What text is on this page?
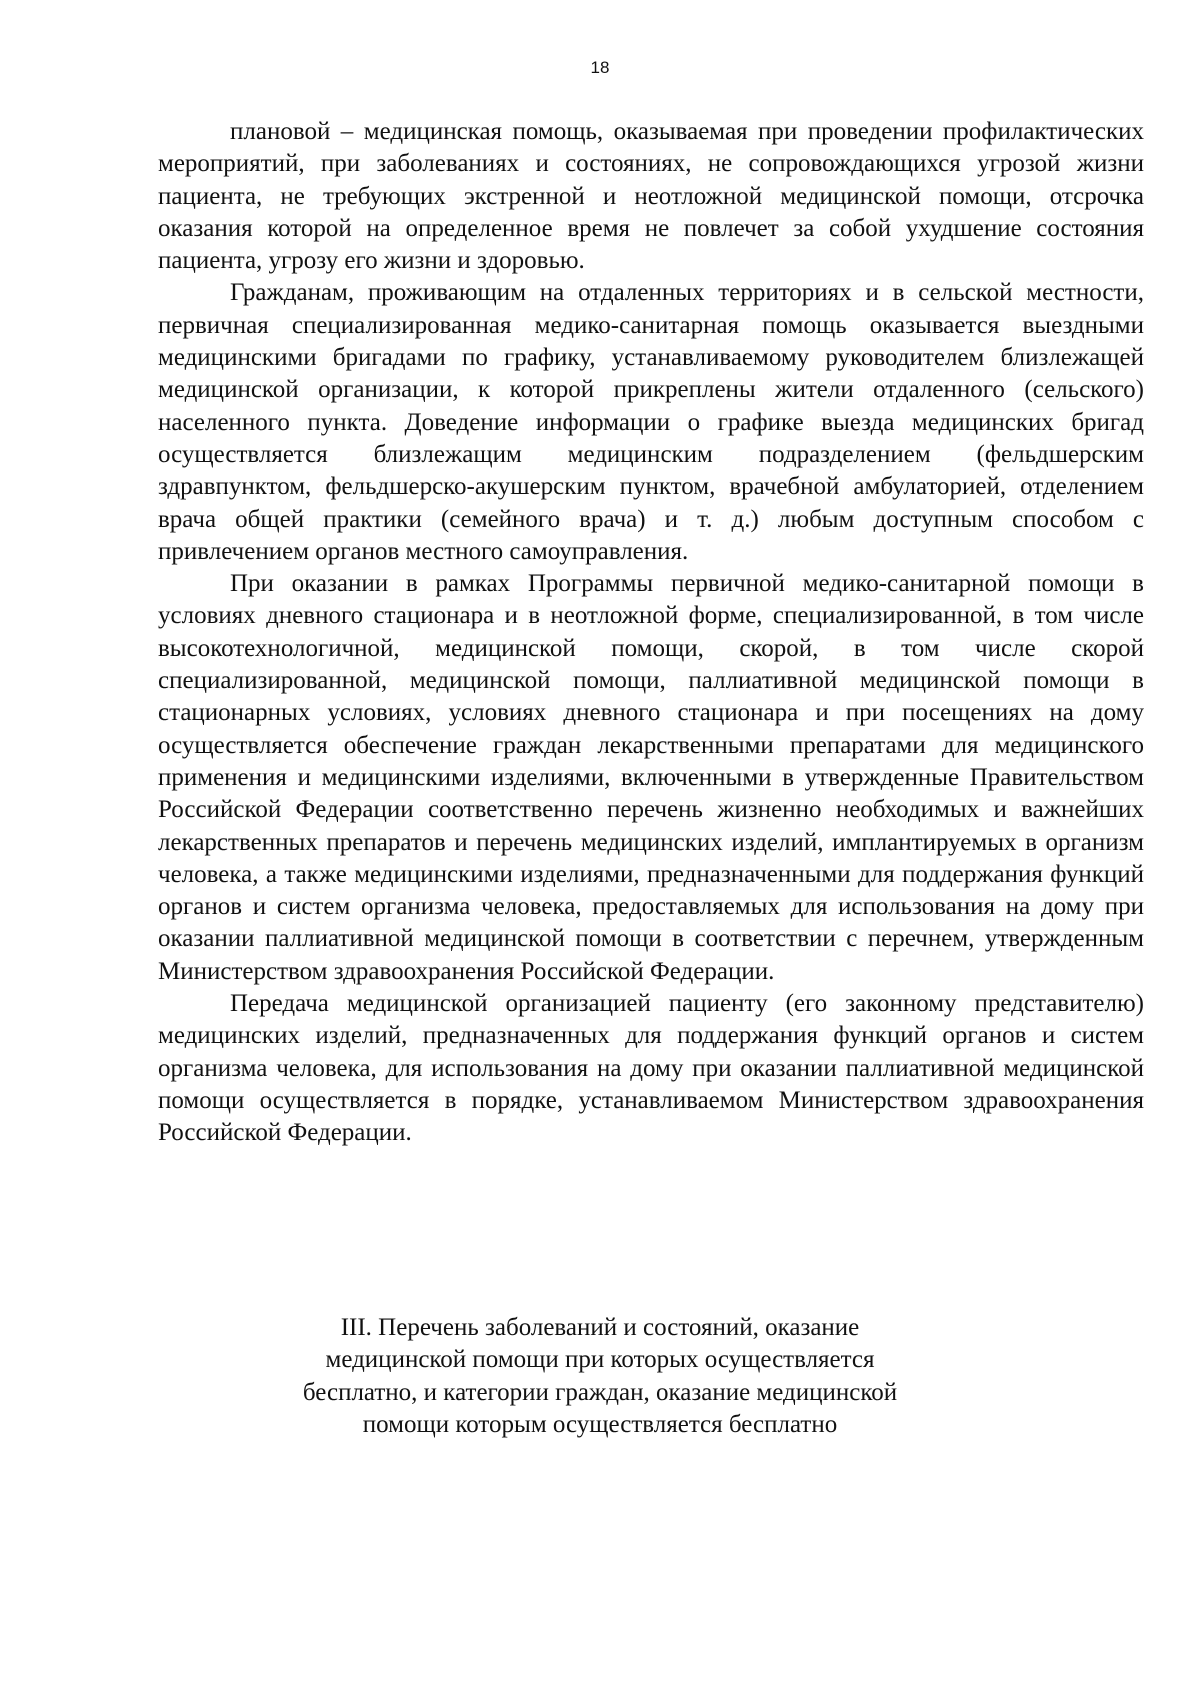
18

плановой – медицинская помощь, оказываемая при проведении профилактических мероприятий, при заболеваниях и состояниях, не сопровождающихся угрозой жизни пациента, не требующих экстренной и неотложной медицинской помощи, отсрочка оказания которой на определенное время не повлечет за собой ухудшение состояния пациента, угрозу его жизни и здоровью.

Гражданам, проживающим на отдаленных территориях и в сельской местности, первичная специализированная медико-санитарная помощь оказывается выездными медицинскими бригадами по графику, устанавливаемому руководителем близлежащей медицинской организации, к которой прикреплены жители отдаленного (сельского) населенного пункта. Доведение информации о графике выезда медицинских бригад осуществляется близлежащим медицинским подразделением (фельдшерским здравпунктом, фельдшерско-акушерским пунктом, врачебной амбулаторией, отделением врача общей практики (семейного врача) и т. д.) любым доступным способом с привлечением органов местного самоуправления.

При оказании в рамках Программы первичной медико-санитарной помощи в условиях дневного стационара и в неотложной форме, специализированной, в том числе высокотехнологичной, медицинской помощи, скорой, в том числе скорой специализированной, медицинской помощи, паллиативной медицинской помощи в стационарных условиях, условиях дневного стационара и при посещениях на дому осуществляется обеспечение граждан лекарственными препаратами для медицинского применения и медицинскими изделиями, включенными в утвержденные Правительством Российской Федерации соответственно перечень жизненно необходимых и важнейших лекарственных препаратов и перечень медицинских изделий, имплантируемых в организм человека, а также медицинскими изделиями, предназначенными для поддержания функций органов и систем организма человека, предоставляемых для использования на дому при оказании паллиативной медицинской помощи в соответствии с перечнем, утвержденным Министерством здравоохранения Российской Федерации.

Передача медицинской организацией пациенту (его законному представителю) медицинских изделий, предназначенных для поддержания функций органов и систем организма человека, для использования на дому при оказании паллиативной медицинской помощи осуществляется в порядке, устанавливаемом Министерством здравоохранения Российской Федерации.

III. Перечень заболеваний и состояний, оказание медицинской помощи при которых осуществляется бесплатно, и категории граждан, оказание медицинской помощи которым осуществляется бесплатно
